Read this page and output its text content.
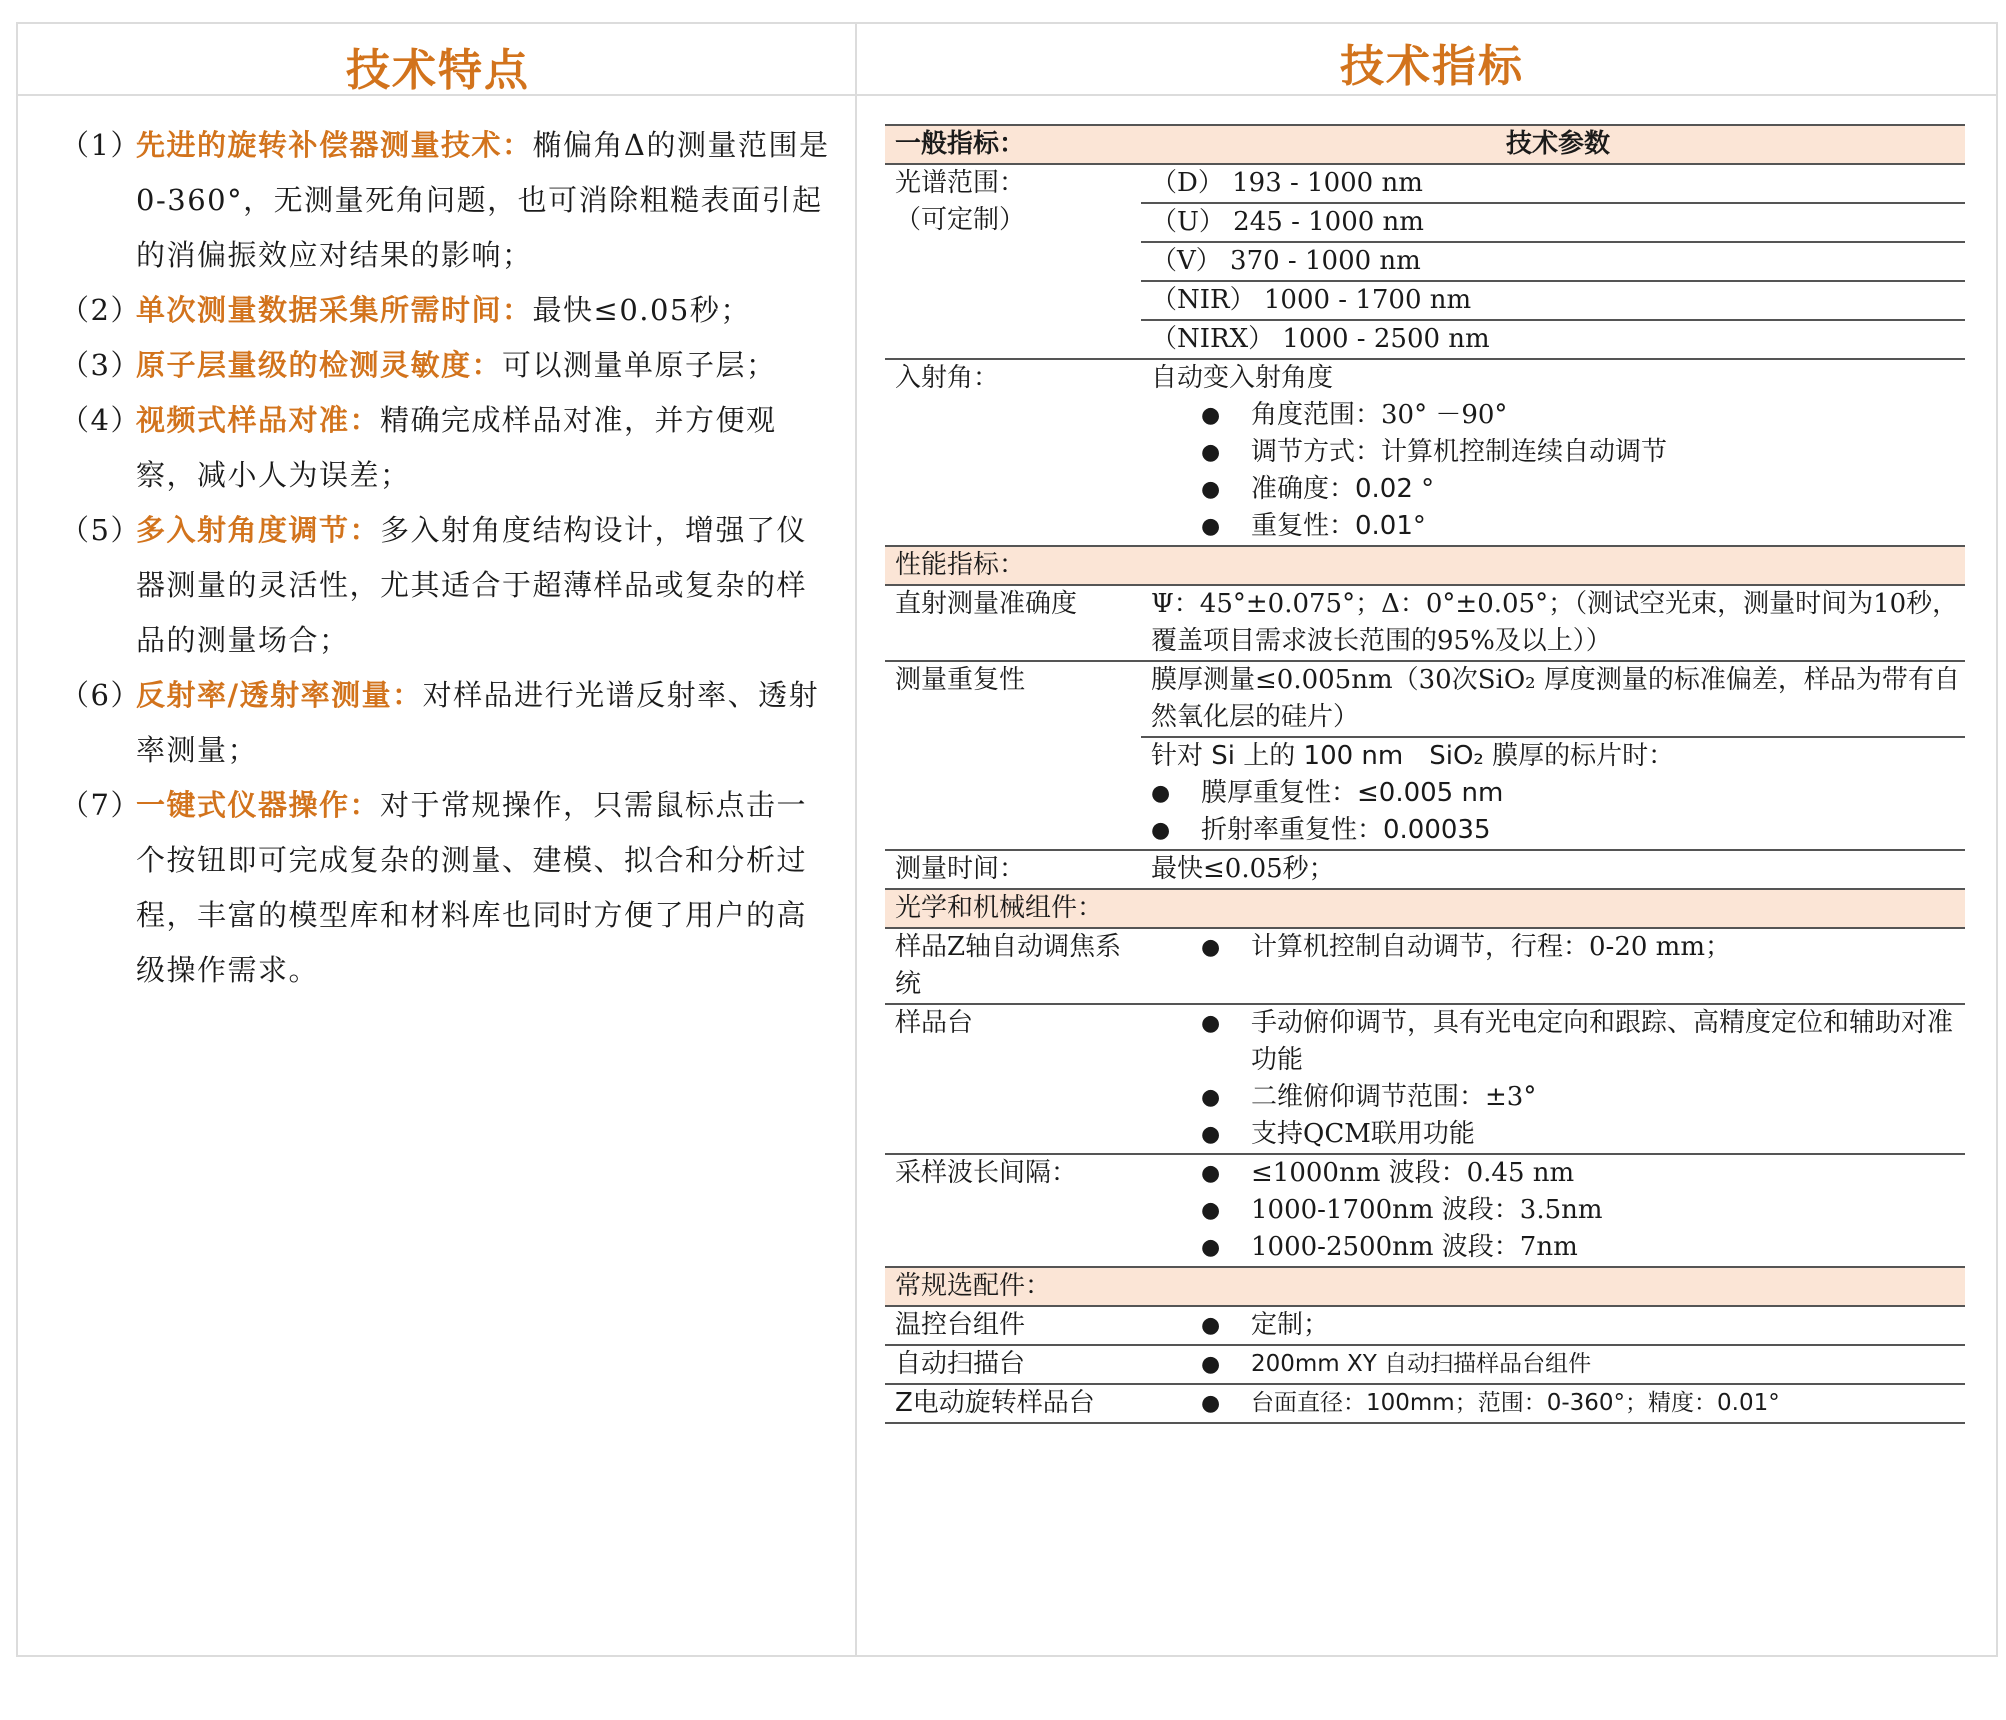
技术特点	技术指标
（1）
先进的旋转补偿器测量技术：椭偏角Δ的测量范围是0-360°，无测量死角问题，也可消除粗糙表面引起的消偏振效应对结果的影响；
（2）
单次测量数据采集所需时间：最快≤0.05秒；
（3）
原子层量级的检测灵敏度：可以测量单原子层；
（4）
视频式样品对准：精确完成样品对准，并方便观察，减小人为误差；
（5）
多入射角度调节：多入射角度结构设计，增强了仪器测量的灵活性，尤其适合于超薄样品或复杂的样品的测量场合；
（6）
反射率/透射率测量：对样品进行光谱反射率、透射率测量；
（7）
一键式仪器操作：对于常规操作，只需鼠标点击一个按钮即可完成复杂的测量、建模、拟合和分析过程，丰富的模型库和材料库也同时方便了用户的高级操作需求。
一般指标：	技术参数
光谱范围：
（可定制）
（D） 193 - 1000 nm
（U） 245 - 1000 nm
（V） 370 - 1000 nm
（NIR） 1000 - 1700 nm
（NIRX） 1000 - 2500 nm
入射角：	自动变入射角度
● 角度范围：30° －90°
● 调节方式：计算机控制连续自动调节
● 准确度：0.02 °
● 重复性：0.01°
性能指标：
直射测量准确度	Ψ：45°±0.075°；Δ：0°±0.05°；（测试空光束，测量时间为10秒，覆盖项目需求波长范围的95%及以上））
测量重复性	膜厚测量≤0.005nm（30次SiO₂ 厚度测量的标准偏差，样品为带有自然氧化层的硅片）
针对 Si 上的 100 nm　SiO₂ 膜厚的标片时：
● 膜厚重复性：≤0.005 nm
● 折射率重复性：0.00035
测量时间：	最快≤0.05秒；
光学和机械组件：
样品Z轴自动调焦系统
● 计算机控制自动调节，行程：0-20 mm；
样品台	● 手动俯仰调节，具有光电定向和跟踪、高精度定位和辅助对准功能
● 二维俯仰调节范围：±3°
● 支持QCM联用功能
采样波长间隔：	● ≤1000nm 波段：0.45 nm
● 1000-1700nm 波段：3.5nm
● 1000-2500nm 波段：7nm
常规选配件：
温控台组件	● 定制；
自动扫描台	● 200mm XY 自动扫描样品台组件
Z电动旋转样品台	● 台面直径：100mm；范围：0-360°；精度：0.01°
